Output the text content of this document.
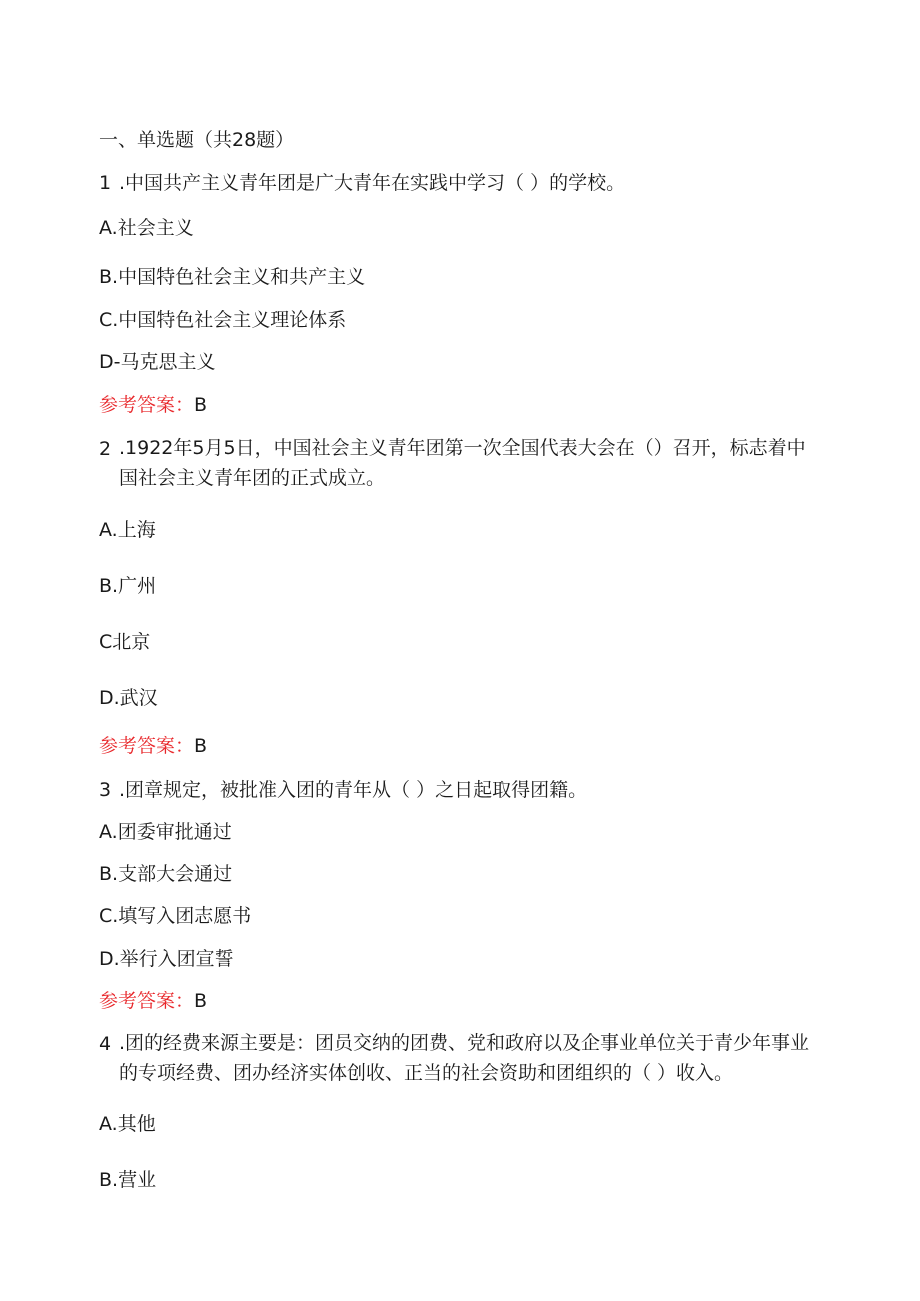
一、单选题（共28题）
1 .中国共产主义青年团是广大青年在实践中学习（ ）的学校。
A.社会主义
B.中国特色社会主义和共产主义
C.中国特色社会主义理论体系
D-马克思主义
参考答案：B
2 .1922年5月5日，中国社会主义青年团第一次全国代表大会在（）召开，标志着中国社会主义青年团的正式成立。
A.上海
B.广州
C北京
D.武汉
参考答案：B
3 .团章规定，被批准入团的青年从（ ）之日起取得团籍。
A.团委审批通过
B.支部大会通过
C.填写入团志愿书
D.举行入团宣誓
参考答案：B
4 .团的经费来源主要是：团员交纳的团费、党和政府以及企事业单位关于青少年事业的专项经费、团办经济实体创收、正当的社会资助和团组织的（ ）收入。
A.其他
B.营业
